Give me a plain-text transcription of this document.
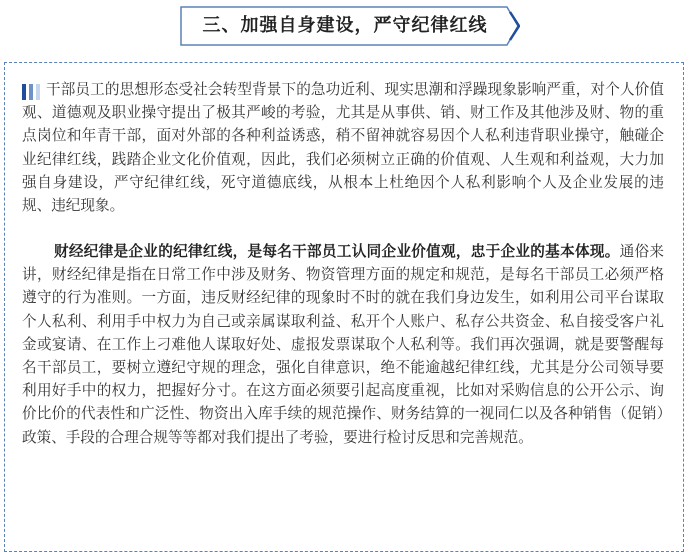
三、加强自身建设，严守纪律红线

干部员工的思想形态受社会转型背景下的急功近利、现实思潮和浮躁现象影响严重，对个人价值观、道德观及职业操守提出了极其严峻的考验，尤其是从事供、销、财工作及其他涉及财、物的重点岗位和年青干部，面对外部的各种利益诱惑，稍不留神就容易因个人私利违背职业操守，触碰企业纪律红线，践踏企业文化价值观，因此，我们必须树立正确的价值观、人生观和利益观，大力加强自身建设，严守纪律红线，死守道德底线，从根本上杜绝因个人私利影响个人及企业发展的违规、违纪现象。

财经纪律是企业的纪律红线，是每名干部员工认同企业价值观，忠于企业的基本体现。通俗来讲，财经纪律是指在日常工作中涉及财务、物资管理方面的规定和规范，是每名干部员工必须严格遵守的行为准则。一方面，违反财经纪律的现象时不时的就在我们身边发生，如利用公司平台谋取个人私利、利用手中权力为自己或亲属谋取利益、私开个人账户、私存公共资金、私自接受客户礼金或宴请、在工作上刁难他人谋取好处、虚报发票谋取个人私利等。我们再次强调，就是要警醒每名干部员工，要树立遵纪守规的理念，强化自律意识，绝不能逾越纪律红线，尤其是分公司领导要利用好手中的权力，把握好分寸。在这方面必须要引起高度重视，比如对采购信息的公开公示、询价比价的代表性和广泛性、物资出入库手续的规范操作、财务结算的一视同仁以及各种销售（促销）政策、手段的合理合规等等都对我们提出了考验，要进行检讨反思和完善规范。
